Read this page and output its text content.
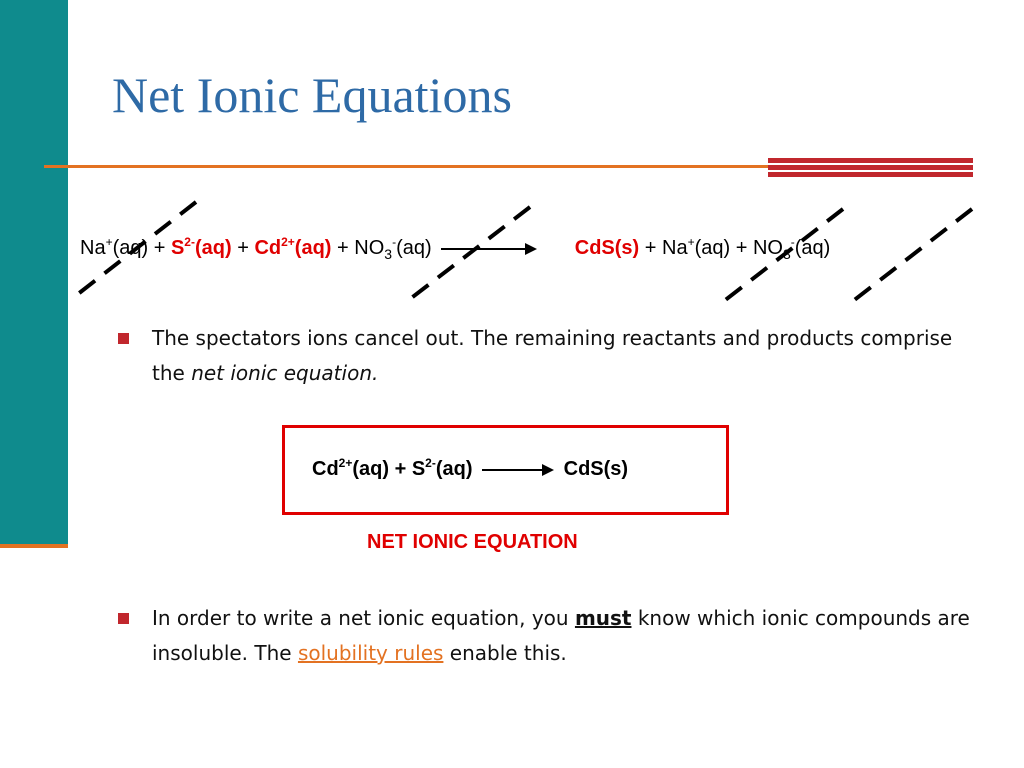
Net Ionic Equations
$Na^+(aq) + S^{2-}(aq) + Cd^{2+}(aq) + NO_3^-(aq)$	$CdS(s) + Na^+(aq) + NO_3^-(aq)$
The spectators ions cancel out. The remaining reactants and products comprise the net ionic equation.
$Cd^{2+}(aq) + S^{2-}(aq) \to CdS(s)$
NET IONIC EQUATION
In order to write a net ionic equation, you must know which ionic compounds are insoluble. The solubility rules enable this.
